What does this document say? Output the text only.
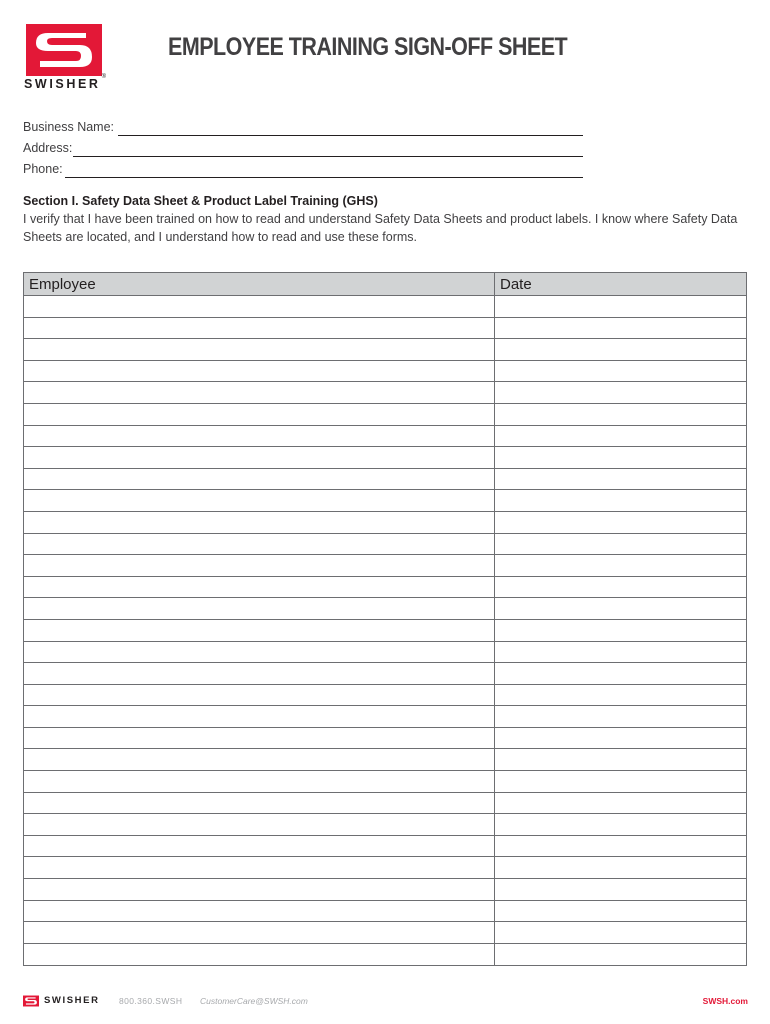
SWISHER ®
EMPLOYEE TRAINING SIGN-OFF SHEET
Business Name:
Address:
Phone:
Section I. Safety Data Sheet & Product Label Training (GHS)

I verify that I have been trained on how to read and understand Safety Data Sheets and product labels. I know where Safety Data Sheets are located, and I understand how to read and use these forms.

Employee	Date
SWISHER 800.360.SWSH CustomerCare@SWSH.com	SWSH.com
